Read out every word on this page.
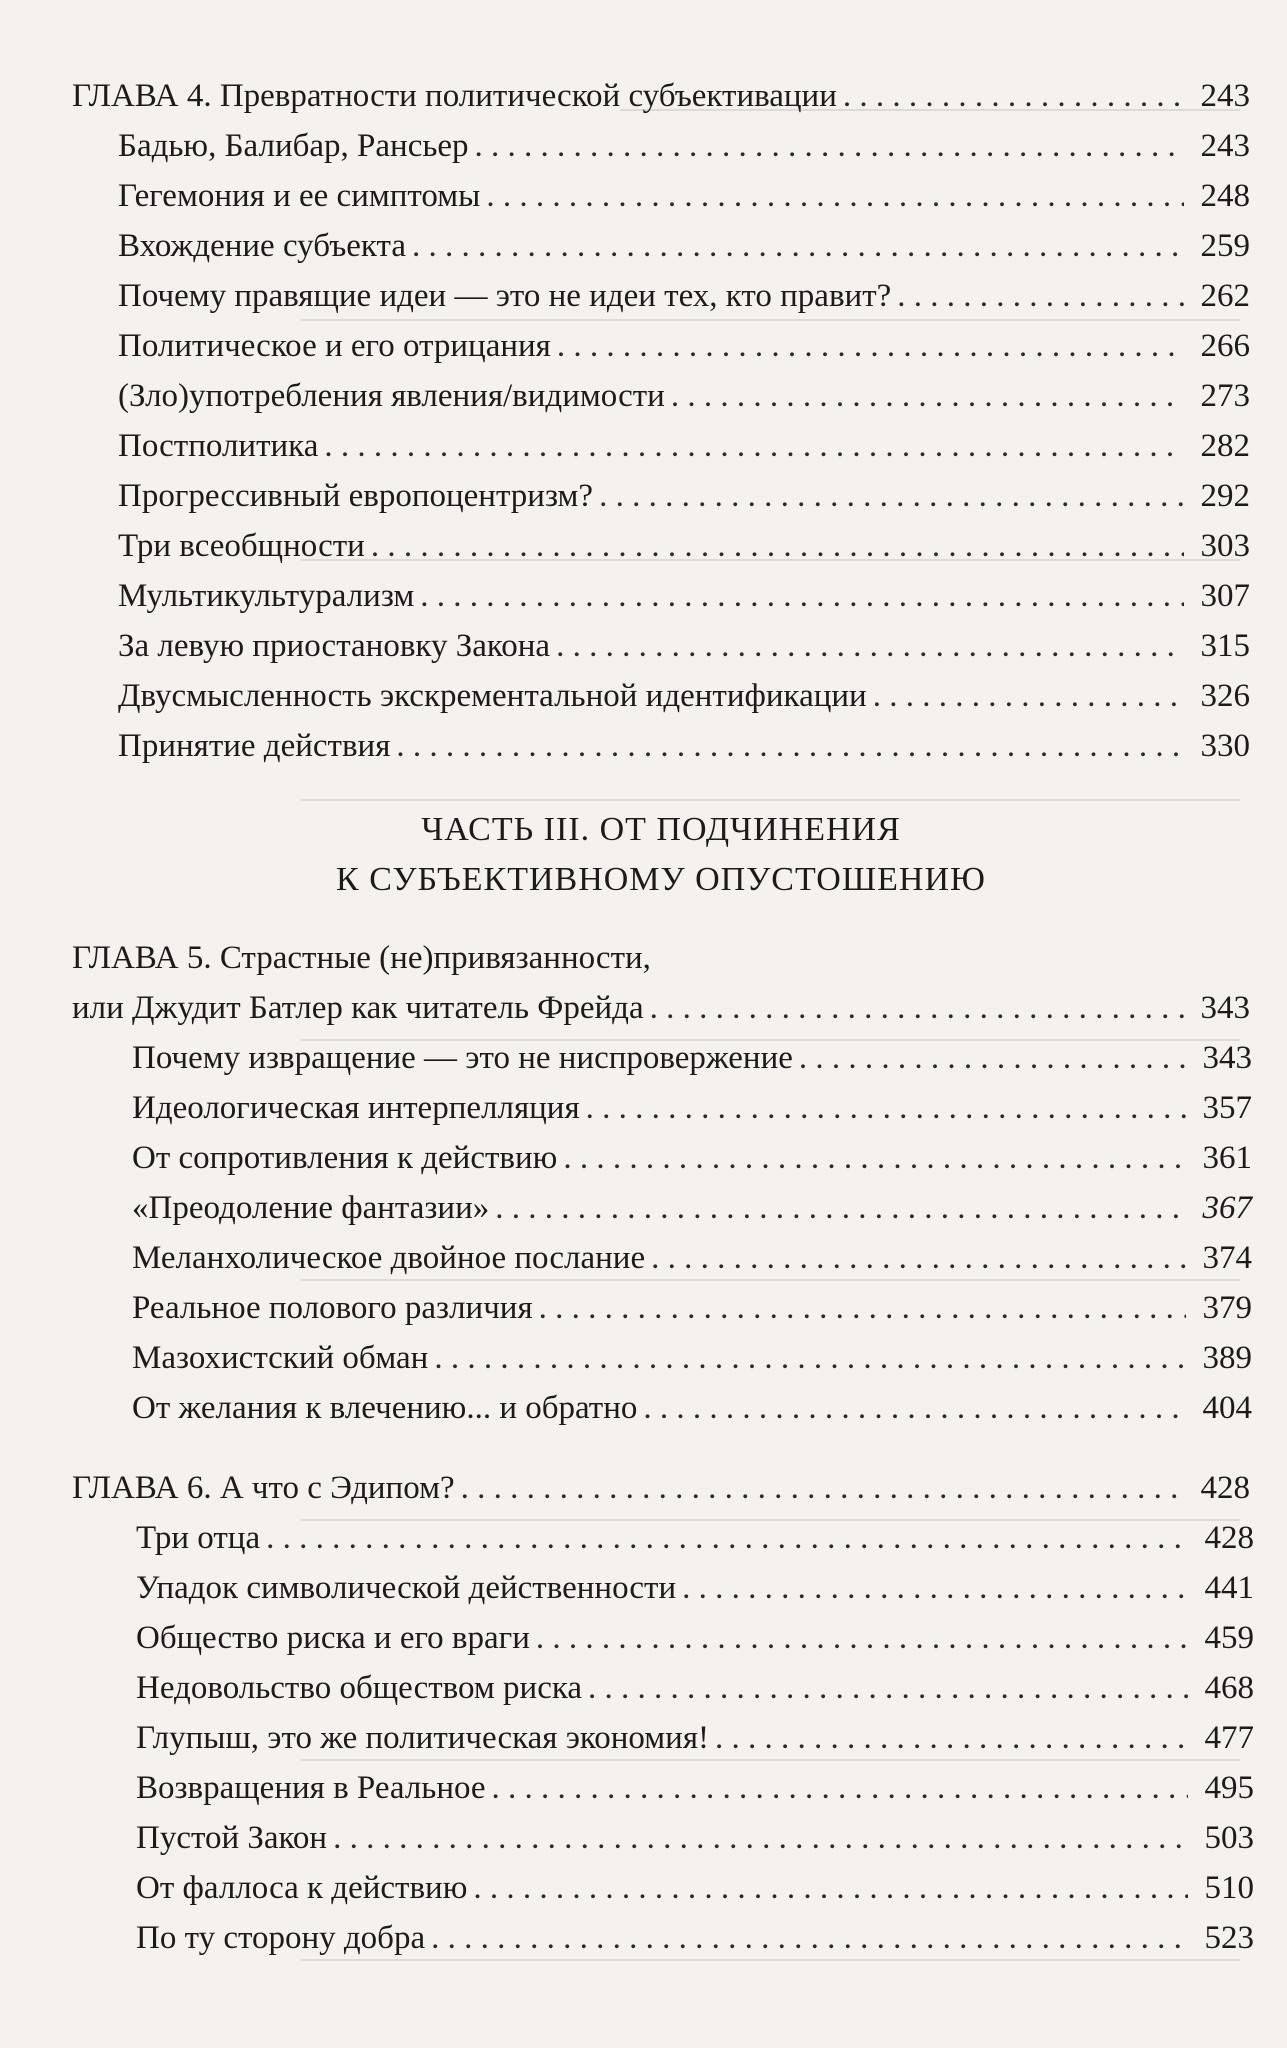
ГЛАВА 4. Превратности политической субъективации . . .	243
Бадью, Балибар, Рансьер . . .	243
Гегемония и ее симптомы . . .	248
Вхождение субъекта . . .	259
Почему правящие идеи — это не идеи тех, кто правит? . . .	262
Политическое и его отрицания . . .	266
(Зло)употребления явления/видимости . . .	273
Постполитика . . .	282
Прогрессивный европоцентризм? . . .	292
Три всеобщности . . .	303
Мультикультурализм . . .	307
За левую приостановку Закона . . .	315
Двусмысленность экскрементальной идентификации . . .	326
Принятие действия . . .	330
ЧАСТЬ III. ОТ ПОДЧИНЕНИЯ
К СУБЪЕКТИВНОМУ ОПУСТОШЕНИЮ
ГЛАВА 5. Страстные (не)привязанности,
или Джудит Батлер как читатель Фрейда . . .	343
Почему извращение — это не ниспровержение . . .	343
Идеологическая интерпелляция . . .	357
От сопротивления к действию . . .	361
«Преодоление фантазии» . . .	367
Меланхолическое двойное послание . . .	374
Реальное полового различия . . .	379
Мазохистский обман . . .	389
От желания к влечению... и обратно . . .	404
ГЛАВА 6. А что с Эдипом? . . .	428
Три отца . . .	428
Упадок символической действенности . . .	441
Общество риска и его враги . . .	459
Недовольство обществом риска . . .	468
Глупыш, это же политическая экономия! . . .	477
Возвращения в Реальное . . .	495
Пустой Закон . . .	503
От фаллоса к действию . . .	510
По ту сторону добра . . .	523
